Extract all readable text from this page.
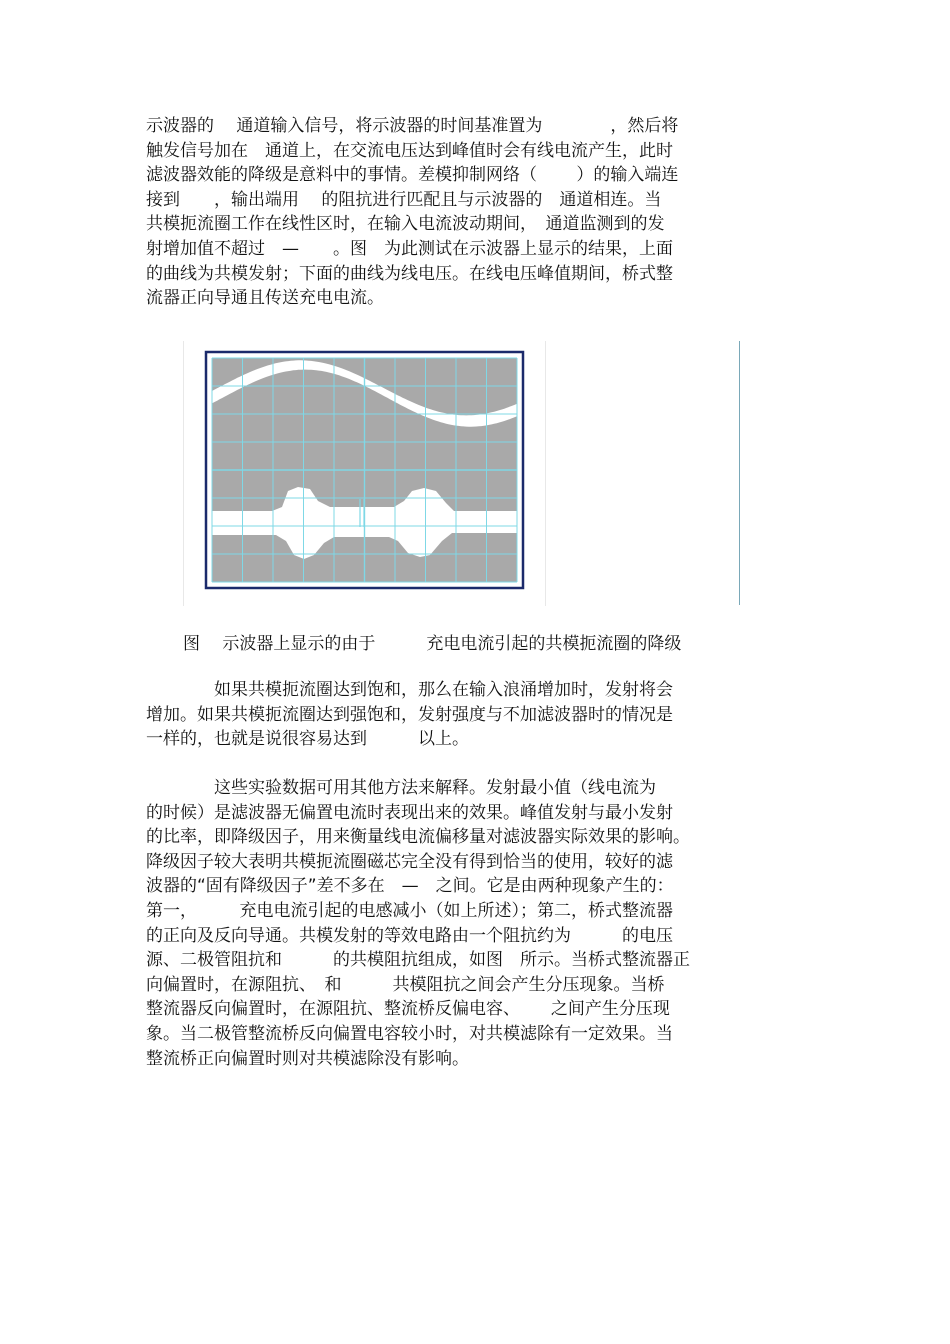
示波器的　 通道输入信号，将示波器的时间基准置为　　　　，然后将
触发信号加在　通道上，在交流电压达到峰值时会有线电流产生，此时
滤波器效能的降级是意料中的事情。差模抑制网络（　　 ）的输入端连
接到　　，输出端用　 的阻抗进行匹配且与示波器的　通道相连。当
共模扼流圈工作在线性区时，在输入电流波动期间，　通道监测到的发
射增加值不超过　—　　。图　为此测试在示波器上显示的结果，上面
的曲线为共模发射；下面的曲线为线电压。在线电压峰值期间，桥式整
流器正向导通且传送充电电流。

图　 示波器上显示的由于　　　充电电流引起的共模扼流圈的降级

　　　　如果共模扼流圈达到饱和，那么在输入浪涌增加时，发射将会
增加。如果共模扼流圈达到强饱和，发射强度与不加滤波器时的情况是
一样的，也就是说很容易达到　　　以上。
　　　　这些实验数据可用其他方法来解释。发射最小值（线电流为
的时候）是滤波器无偏置电流时表现出来的效果。峰值发射与最小发射
的比率，即降级因子，用来衡量线电流偏移量对滤波器实际效果的影响。
降级因子较大表明共模扼流圈磁芯完全没有得到恰当的使用，较好的滤
波器的“固有降级因子”差不多在　—　之间。它是由两种现象产生的：
第一，　　　充电电流引起的电感减小（如上所述）；第二，桥式整流器
的正向及反向导通。共模发射的等效电路由一个阻抗约为　　　的电压
源、二极管阻抗和　　　的共模阻抗组成，如图　所示。当桥式整流器正
向偏置时，在源阻抗、　和　　　共模阻抗之间会产生分压现象。当桥
整流器反向偏置时，在源阻抗、整流桥反偏电容、　　 之间产生分压现
象。当二极管整流桥反向偏置电容较小时，对共模滤除有一定效果。当
整流桥正向偏置时则对共模滤除没有影响。
